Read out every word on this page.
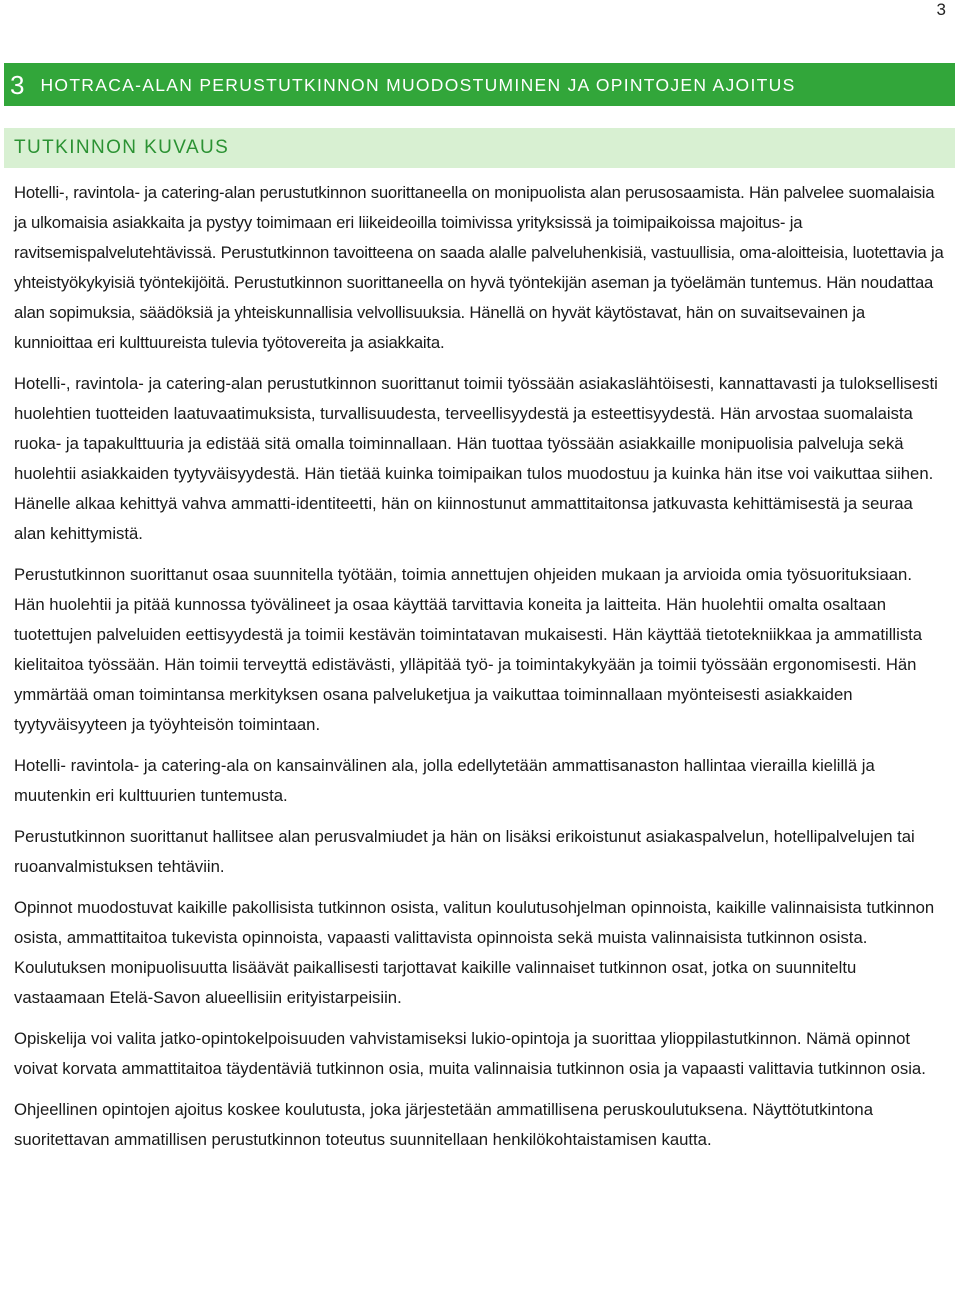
3
3 HOTRACA-ALAN PERUSTUTKINNON MUODOSTUMINEN JA OPINTOJEN AJOITUS
TUTKINNON KUVAUS

Hotelli-, ravintola- ja catering-alan perustutkinnon suorittaneella on monipuolista alan perusosaamista. Hän palvelee suomalaisia ja ulkomaisia asiakkaita ja pystyy toimimaan eri liikeideoilla toimivissa yrityksissä ja toimipaikoissa majoitus- ja ravitsemispalvelutehtävissä. Perustutkinnon tavoitteena on saada alalle palveluhenkisiä, vastuullisia, oma-aloitteisia, luotettavia ja yhteistyökykyisiä työntekijöitä. Perustutkinnon suorittaneella on hyvä työntekijän aseman ja työelämän tuntemus. Hän noudattaa alan sopimuksia, säädöksiä ja yhteiskunnallisia velvollisuuksia. Hänellä on hyvät käytöstavat, hän on suvaitsevainen ja kunnioittaa eri kulttuureista tulevia työtovereita ja asiakkaita.

Hotelli-, ravintola- ja catering-alan perustutkinnon suorittanut toimii työssään asiakaslähtöisesti, kannattavasti ja tuloksellisesti huolehtien tuotteiden laatuvaatimuksista, turvallisuudesta, terveellisyydestä ja esteettisyydestä. Hän arvostaa suomalaista ruoka- ja tapakulttuuria ja edistää sitä omalla toiminnallaan. Hän tuottaa työssään asiakkaille monipuolisia palveluja sekä huolehtii asiakkaiden tyytyväisyydestä. Hän tietää kuinka toimipaikan tulos muodostuu ja kuinka hän itse voi vaikuttaa siihen. Hänelle alkaa kehittyä vahva ammatti-identiteetti, hän on kiinnostunut ammattitaitonsa jatkuvasta kehittämisestä ja seuraa alan kehittymistä.

Perustutkinnon suorittanut osaa suunnitella työtään, toimia annettujen ohjeiden mukaan ja arvioida omia työsuorituksiaan. Hän huolehtii ja pitää kunnossa työvälineet ja osaa käyttää tarvittavia koneita ja laitteita. Hän huolehtii omalta osaltaan tuotettujen palveluiden eettisyydestä ja toimii kestävän toimintatavan mukaisesti. Hän käyttää tietotekniikkaa ja ammatillista kielitaitoa työssään. Hän toimii terveyttä edistävästi, ylläpitää työ- ja toimintakykyään ja toimii työssään ergonomisesti. Hän ymmärtää oman toimintansa merkityksen osana palveluketjua ja vaikuttaa toiminnallaan myönteisesti asiakkaiden tyytyväisyyteen ja työyhteisön toimintaan.

Hotelli- ravintola- ja catering-ala on kansainvälinen ala, jolla edellytetään ammattisanaston hallintaa vierailla kielillä ja muutenkin eri kulttuurien tuntemusta.

Perustutkinnon suorittanut hallitsee alan perusvalmiudet ja hän on lisäksi erikoistunut asiakaspalvelun, hotellipalvelujen tai ruoanvalmistuksen tehtäviin.

Opinnot muodostuvat kaikille pakollisista tutkinnon osista, valitun koulutusohjelman opinnoista, kaikille valinnaisista tutkinnon osista, ammattitaitoa tukevista opinnoista, vapaasti valittavista opinnoista sekä muista valinnaisista tutkinnon osista. Koulutuksen monipuolisuutta lisäävät paikallisesti tarjottavat kaikille valinnaiset tutkinnon osat, jotka on suunniteltu vastaamaan Etelä-Savon alueellisiin erityistarpeisiin.

Opiskelija voi valita jatko-opintokelpoisuuden vahvistamiseksi lukio-opintoja ja suorittaa ylioppilastutkinnon. Nämä opinnot voivat korvata ammattitaitoa täydentäviä tutkinnon osia, muita valinnaisia tutkinnon osia ja vapaasti valittavia tutkinnon osia.

Ohjeellinen opintojen ajoitus koskee koulutusta, joka järjestetään ammatillisena peruskoulutuksena. Näyttötutkintona suoritettavan ammatillisen perustutkinnon toteutus suunnitellaan henkilökohtaistamisen kautta.
